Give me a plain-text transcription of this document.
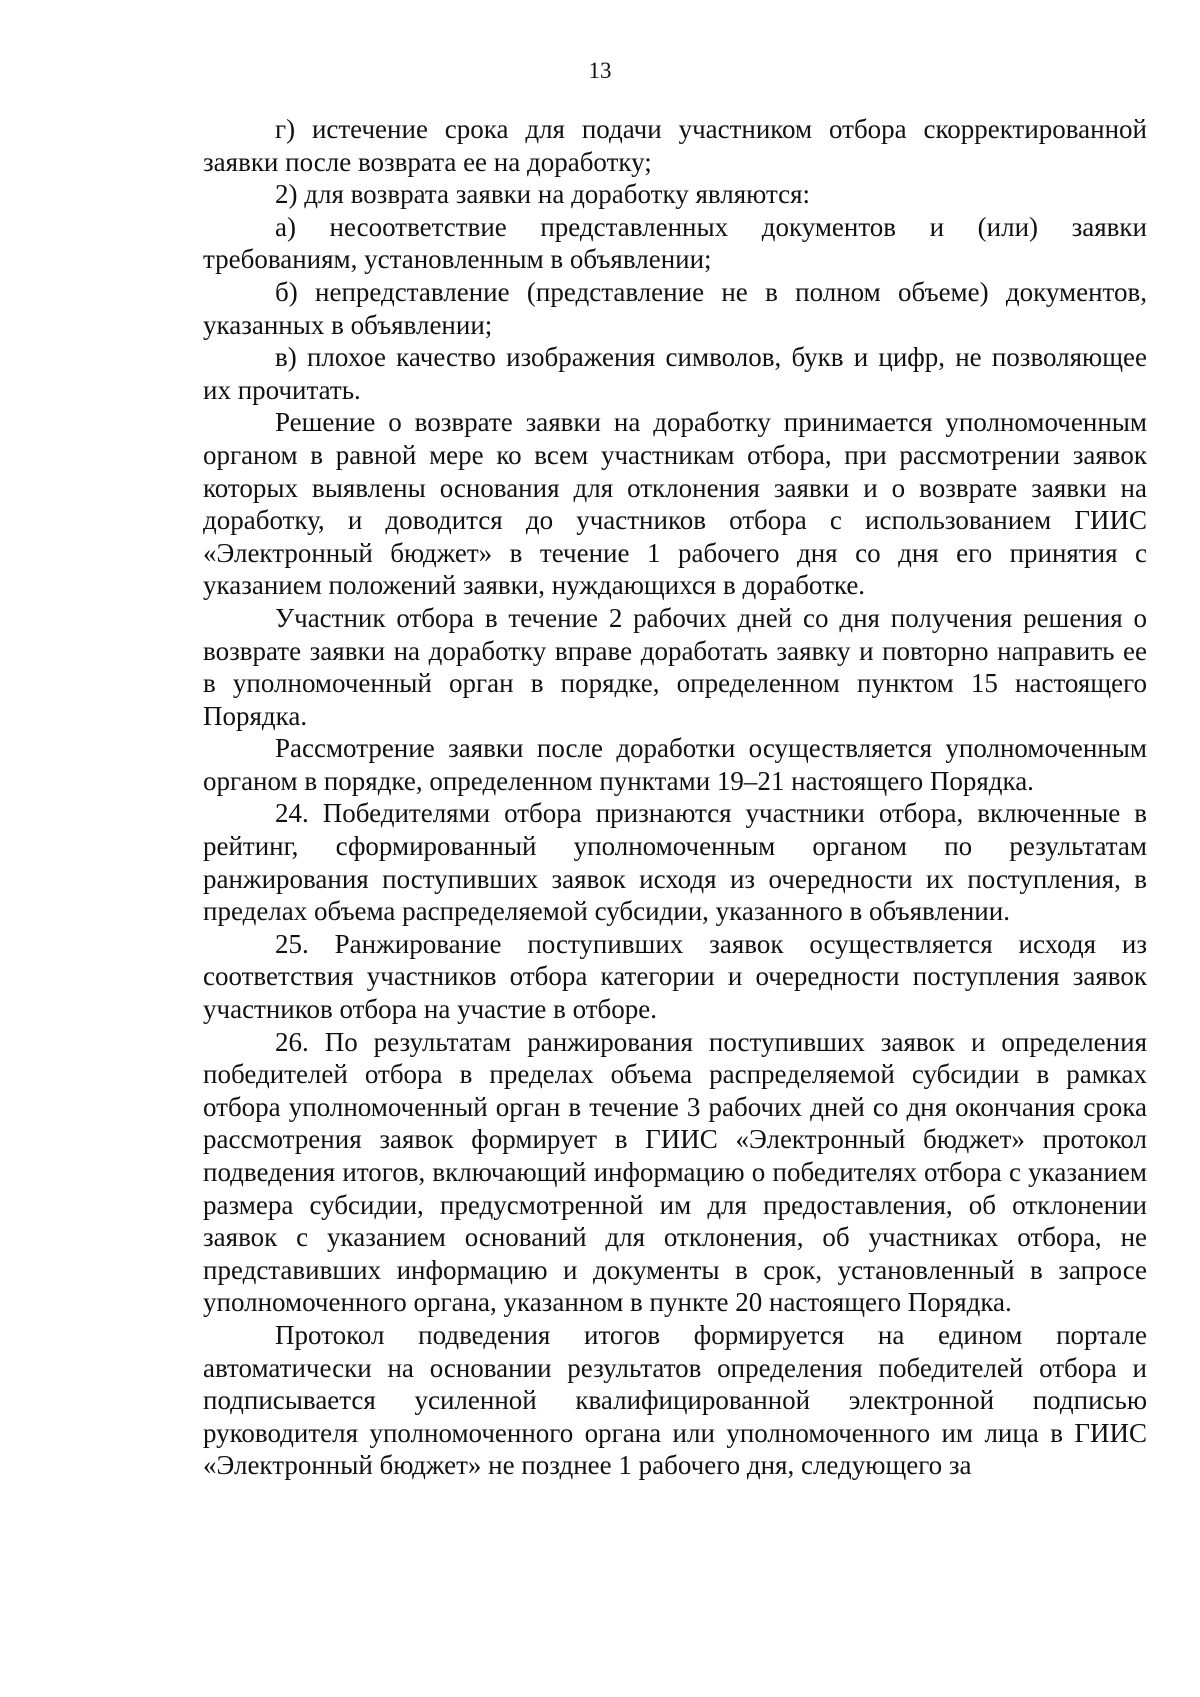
13

г) истечение срока для подачи участником отбора скорректированной заявки после возврата ее на доработку;

2) для возврата заявки на доработку являются:

а) несоответствие представленных документов и (или) заявки требованиям, установленным в объявлении;

б) непредставление (представление не в полном объеме) документов, указанных в объявлении;

в) плохое качество изображения символов, букв и цифр, не позволяющее их прочитать.

Решение о возврате заявки на доработку принимается уполномоченным органом в равной мере ко всем участникам отбора, при рассмотрении заявок которых выявлены основания для отклонения заявки и о возврате заявки на доработку, и доводится до участников отбора с использованием ГИИС «Электронный бюджет» в течение 1 рабочего дня со дня его принятия с указанием положений заявки, нуждающихся в доработке.

Участник отбора в течение 2 рабочих дней со дня получения решения о возврате заявки на доработку вправе доработать заявку и повторно направить ее в уполномоченный орган в порядке, определенном пунктом 15 настоящего Порядка.

Рассмотрение заявки после доработки осуществляется уполномоченным органом в порядке, определенном пунктами 19–21 настоящего Порядка.

24. Победителями отбора признаются участники отбора, включенные в рейтинг, сформированный уполномоченным органом по результатам ранжирования поступивших заявок исходя из очередности их поступления, в пределах объема распределяемой субсидии, указанного в объявлении.

25. Ранжирование поступивших заявок осуществляется исходя из соответствия участников отбора категории и очередности поступления заявок участников отбора на участие в отборе.

26. По результатам ранжирования поступивших заявок и определения победителей отбора в пределах объема распределяемой субсидии в рамках отбора уполномоченный орган в течение 3 рабочих дней со дня окончания срока рассмотрения заявок формирует в ГИИС «Электронный бюджет» протокол подведения итогов, включающий информацию о победителях отбора с указанием размера субсидии, предусмотренной им для предоставления, об отклонении заявок с указанием оснований для отклонения, об участниках отбора, не представивших информацию и документы в срок, установленный в запросе уполномоченного органа, указанном в пункте 20 настоящего Порядка.

Протокол подведения итогов формируется на едином портале автоматически на основании результатов определения победителей отбора и подписывается усиленной квалифицированной электронной подписью руководителя уполномоченного органа или уполномоченного им лица в ГИИС «Электронный бюджет» не позднее 1 рабочего дня, следующего за
